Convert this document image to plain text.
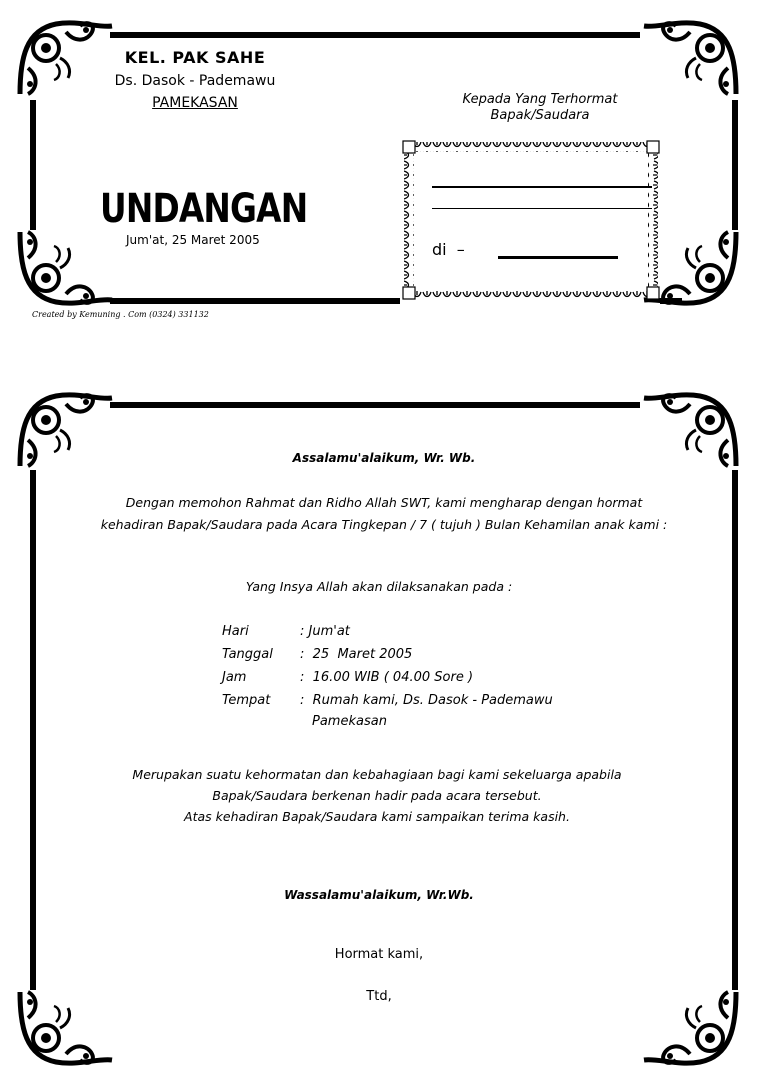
KEL. PAK SAHE
Ds. Dasok - Pademawu
PAMEKASAN	Kepada Yang Terhormat
Bapak/Saudara
UNDANGAN
Jum'at, 25 Maret 2005	di  –
Created by Kemuning . Com (0324) 331132
Assalamu'alaikum, Wr. Wb.
Dengan memohon Rahmat dan Ridho Allah SWT, kami mengharap dengan hormat
kehadiran Bapak/Saudara pada Acara Tingkepan / 7 ( tujuh ) Bulan Kehamilan anak kami :
Yang Insya Allah akan dilaksanakan pada :
Hari	: Jum'at
Tanggal	:  25  Maret 2005
Jam	:  16.00 WIB ( 04.00 Sore )
Tempat	:  Rumah kami, Ds. Dasok - Pademawu
Pamekasan
Merupakan suatu kehormatan dan kebahagiaan bagi kami sekeluarga apabila
Bapak/Saudara berkenan hadir pada acara tersebut.
Atas kehadiran Bapak/Saudara kami sampaikan terima kasih.
Wassalamu'alaikum, Wr.Wb.
Hormat kami,
Ttd,
